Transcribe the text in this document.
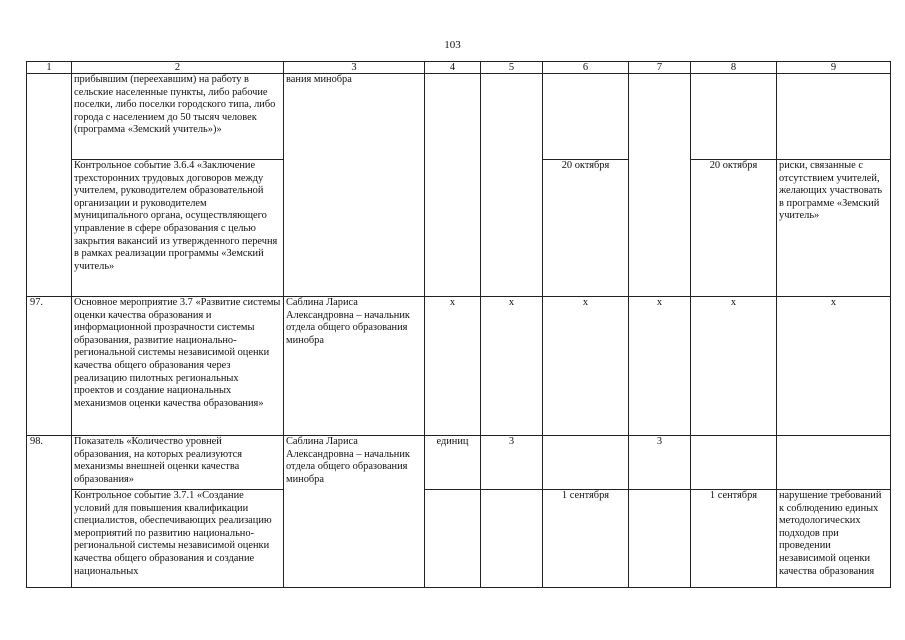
103
1	2	3	4	5	6	7	8	9
	прибывшим (переехавшим) на работу в сельские населенные пункты, либо рабочие поселки, либо поселки городского типа, либо города с населением до 50 тысяч человек (программа «Земский учитель»)»	вания минобра						
	Контрольное событие 3.6.4 «Заключение трехсторонних трудовых договоров между учителем, руководителем образовательной организации и руководителем муниципального органа, осуществляющего управление в сфере образования с целью закрытия вакансий из утвержденного перечня в рамках реализации программы «Земский учитель»				20 октября		20 октября	риски, связанные с отсутствием учителей, желающих участвовать в программе «Земский учитель»
97.	Основное мероприятие 3.7 «Развитие системы оценки качества образования и информационной прозрачности системы образования, развитие национально-региональной системы независимой оценки качества общего образования через реализацию пилотных региональных проектов и создание национальных механизмов оценки качества образования»	Саблина Лариса Александровна – начальник отдела общего образования минобра	х	х	х	х	х	х
98.	Показатель «Количество уровней образования, на которых реализуются механизмы внешней оценки качества образования»	Саблина Лариса Александровна – начальник отдела общего образования минобра	единиц	3		3		
	Контрольное событие 3.7.1 «Создание условий для повышения квалификации специалистов, обеспечивающих реализацию мероприятий по развитию национально-региональной системы независимой оценки качества общего образования и создание национальных				1 сентября		1 сентября	нарушение требований к соблюдению единых методологических подходов при проведении независимой оценки качества образования
